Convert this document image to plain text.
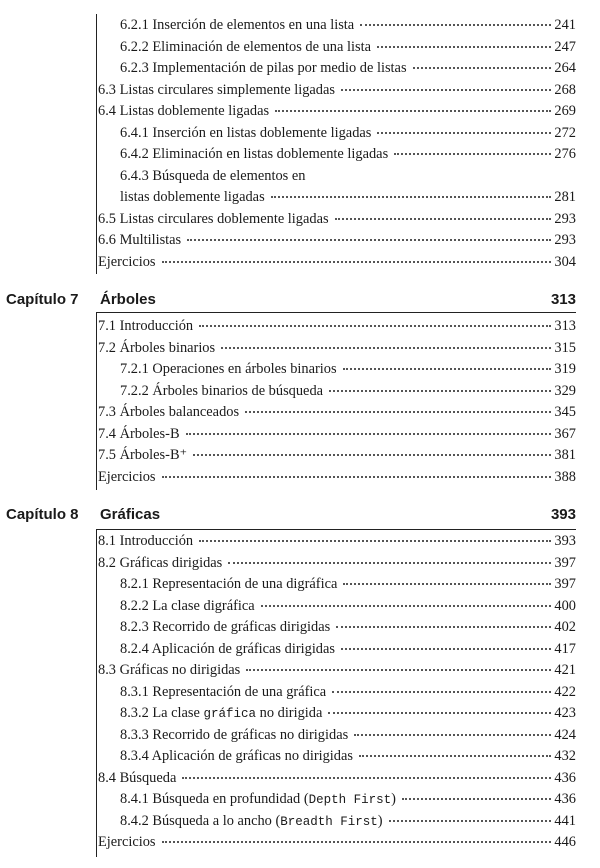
6.2.1 Inserción de elementos en una lista	241
6.2.2 Eliminación de elementos de una lista	247
6.2.3 Implementación de pilas por medio de listas	264
6.3 Listas circulares simplemente ligadas	268
6.4 Listas doblemente ligadas	269
6.4.1 Inserción en listas doblemente ligadas	272
6.4.2 Eliminación en listas doblemente ligadas	276
6.4.3 Búsqueda de elementos en
listas doblemente ligadas	281
6.5 Listas circulares doblemente ligadas	293
6.6 Multilistas	293
Ejercicios	304
Capítulo 7 Árboles	313
7.1 Introducción	313
7.2 Árboles binarios	315
7.2.1 Operaciones en árboles binarios	319
7.2.2 Árboles binarios de búsqueda	329
7.3 Árboles balanceados	345
7.4 Árboles-B	367
7.5 Árboles-B⁺	381
Ejercicios	388
Capítulo 8 Gráficas	393
8.1 Introducción	393
8.2 Gráficas dirigidas	397
8.2.1 Representación de una digráfica	397
8.2.2 La clase digráfica	400
8.2.3 Recorrido de gráficas dirigidas	402
8.2.4 Aplicación de gráficas dirigidas	417
8.3 Gráficas no dirigidas	421
8.3.1 Representación de una gráfica	422
8.3.2 La clase gráfica no dirigida	423
8.3.3 Recorrido de gráficas no dirigidas	424
8.3.4 Aplicación de gráficas no dirigidas	432
8.4 Búsqueda	436
8.4.1 Búsqueda en profundidad (Depth First)	436
8.4.2 Búsqueda a lo ancho (Breadth First)	441
Ejercicios	446
